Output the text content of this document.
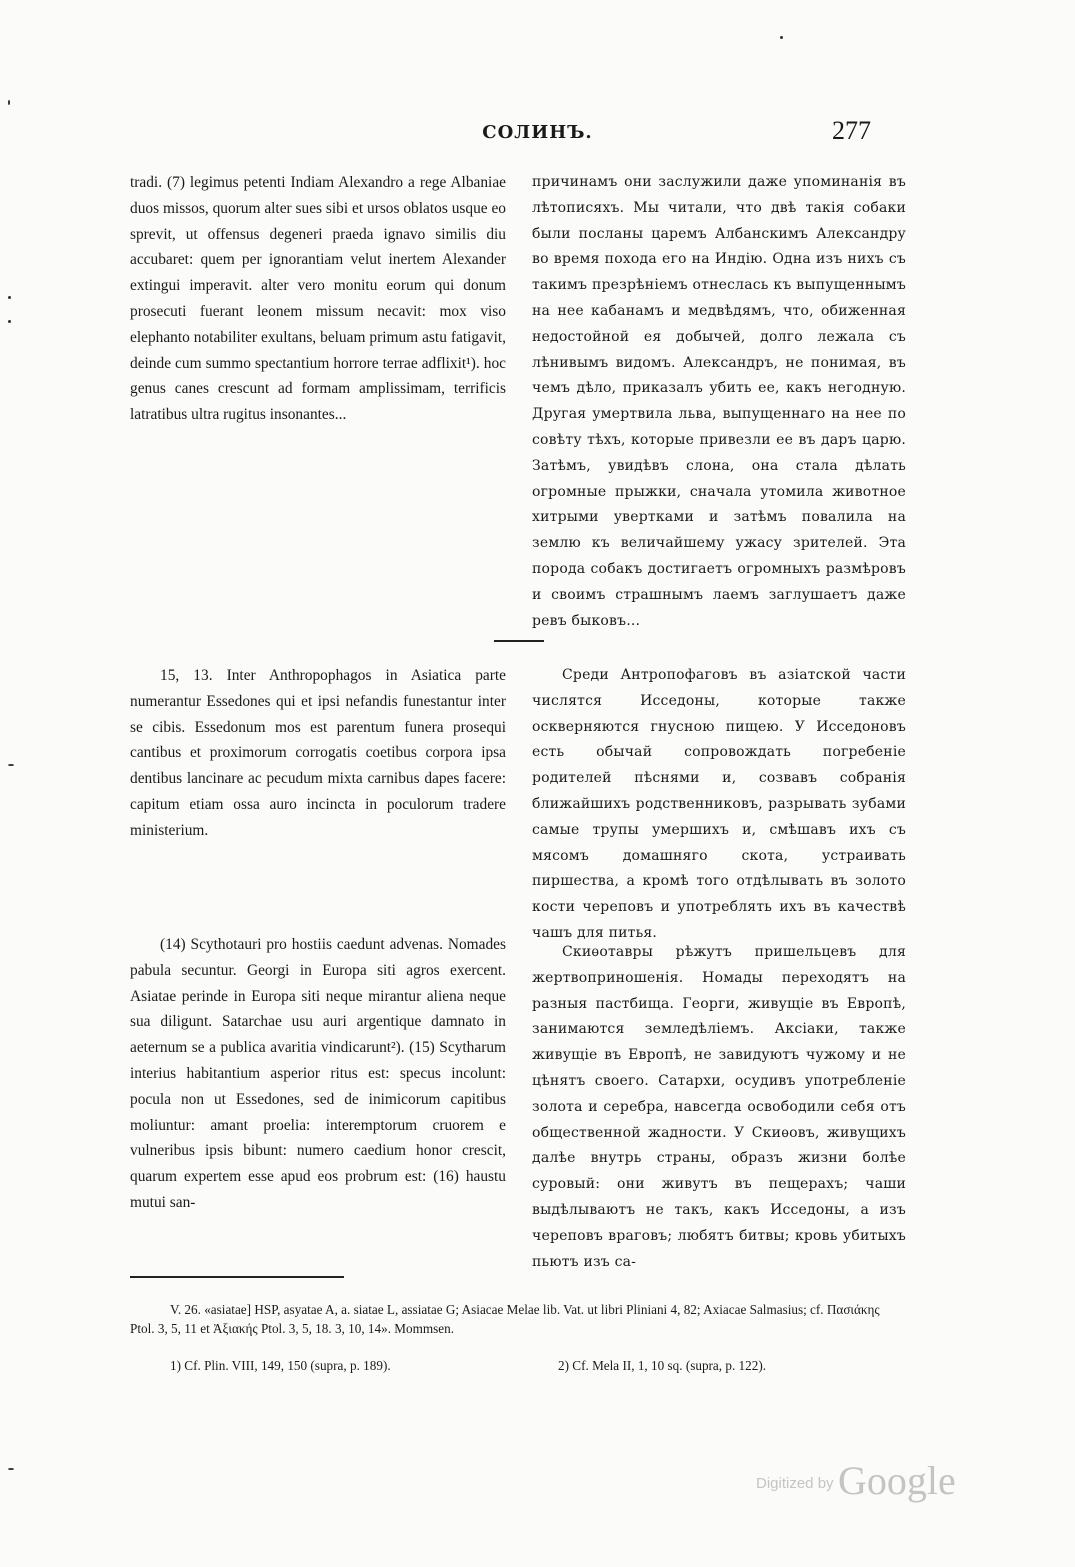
СОЛИНЪ.	277

tradi. (7) legimus petenti Indiam Alexandro a rege Albaniae duos missos, quorum alter sues sibi et ursos oblatos usque eo sprevit, ut offensus degeneri praeda ignavo similis diu accubaret: quem per ignorantiam velut inertem Alexander extingui imperavit. alter vero monitu eorum qui donum prosecuti fuerant leonem missum necavit: mox viso elephanto notabiliter exultans, beluam primum astu fatigavit, deinde cum summo spectantium horrore terrae adflixit¹). hoc genus canes crescunt ad formam amplissimam, terrificis latratibus ultra rugitus insonantes...

причинамъ они заслужили даже упоминанія въ лѣтописяхъ. Мы читали, что двѣ такія собаки были посланы царемъ Албанскимъ Александру во время похода его на Индію. Одна изъ нихъ съ такимъ презрѣніемъ отнеслась къ выпущеннымъ на нее кабанамъ и медвѣдямъ, что, обиженная недостойной ея добычей, долго лежала съ лѣнивымъ видомъ. Александръ, не понимая, въ чемъ дѣло, приказалъ убить ее, какъ негодную. Другая умертвила льва, выпущеннаго на нее по совѣту тѣхъ, которые привезли ее въ даръ царю. Затѣмъ, увидѣвъ слона, она стала дѣлать огромные прыжки, сначала утомила животное хитрыми увертками и затѣмъ повалила на землю къ величайшему ужасу зрителей. Эта порода собакъ достигаетъ огромныхъ размѣровъ и своимъ страшнымъ лаемъ заглушаетъ даже ревъ быковъ...

15, 13. Inter Anthropophagos in Asiatica parte numerantur Essedones qui et ipsi nefandis funestantur inter se cibis. Essedonum mos est parentum funera prosequi cantibus et proximorum corrogatis coetibus corpora ipsa dentibus lancinare ac pecudum mixta carnibus dapes facere: capitum etiam ossa auro incincta in poculorum tradere ministerium.

Среди Антропофаговъ въ азіатской части числятся Исседоны, которые также оскверняются гнусною пищею. У Исседоновъ есть обычай сопровождать погребеніе родителей пѣснями и, созвавъ собранія ближайшихъ родственниковъ, разрывать зубами самые трупы умершихъ и, смѣшавъ ихъ съ мясомъ домашняго скота, устраивать пиршества, а кромѣ того отдѣлывать въ золото кости череповъ и употреблять ихъ въ качествѣ чашъ для питья.

(14) Scythotauri pro hostiis caedunt advenas. Nomades pabula secuntur. Georgi in Europa siti agros exercent. Asiatae perinde in Europa siti neque mirantur aliena neque sua diligunt. Satarchae usu auri argentique damnato in aeternum se a publica avaritia vindicarunt²). (15) Scytharum interius habitantium asperior ritus est: specus incolunt: pocula non ut Essedones, sed de inimicorum capitibus moliuntur: amant proelia: interemptorum cruorem e vulneribus ipsis bibunt: numero caedium honor crescit, quarum expertem esse apud eos probrum est: (16) haustu mutui san-

Скиѳотавры рѣжутъ пришельцевъ для жертвоприношенія. Номады переходятъ на разныя пастбища. Георги, живущіе въ Европѣ, занимаются земледѣліемъ. Аксіаки, также живущіе въ Европѣ, не завидуютъ чужому и не цѣнятъ своего. Сатархи, осудивъ употребленіе золота и серебра, навсегда освободили себя отъ общественной жадности. У Скиѳовъ, живущихъ далѣе внутрь страны, образъ жизни болѣе суровый: они живутъ въ пещерахъ; чаши выдѣлываютъ не такъ, какъ Исседоны, а изъ череповъ враговъ; любятъ битвы; кровь убитыхъ пьютъ изъ са-

V. 26. «asiatae] HSP, asyatae A, a. siatae L, assiatae G; Asiacae Melae lib. Vat. ut libri Pliniani 4, 82; Axiacae Salmasius; cf. Πασιάκης Ptol. 3, 5, 11 et Ἀξιακής Ptol. 3, 5, 18. 3, 10, 14». Mommsen.
1) Cf. Plin. VIII, 149, 150 (supra, p. 189).	2) Cf. Mela II, 1, 10 sq. (supra, p. 122).
Digitized by Google
